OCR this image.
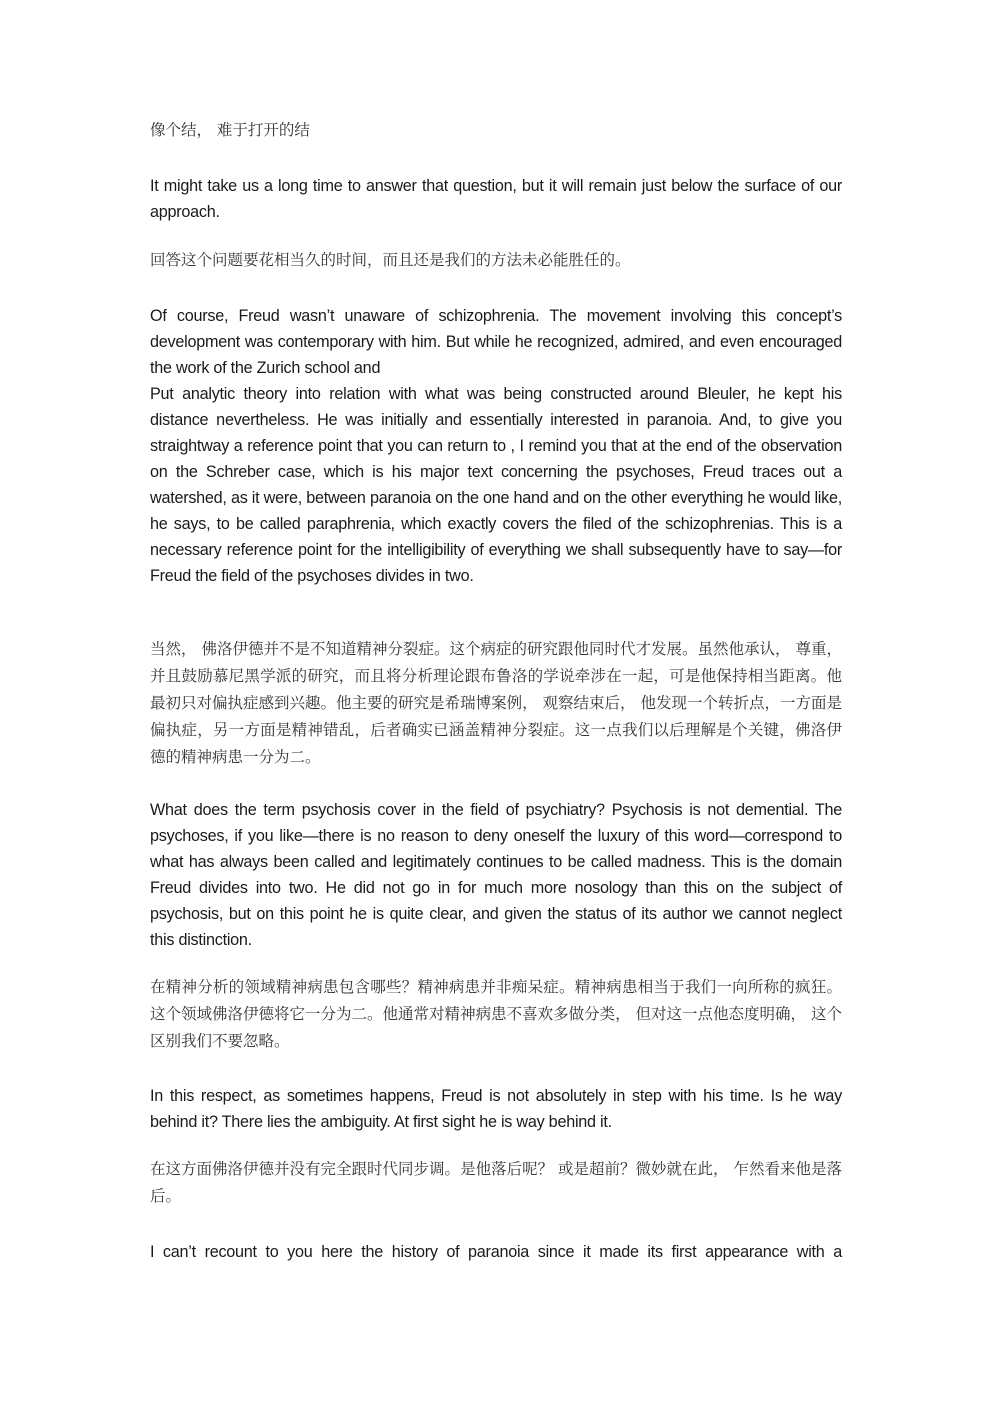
像个结， 难于打开的结

It might take us a long time to answer that question, but it will remain just below the surface of our approach.

回答这个问题要花相当久的时间，而且还是我们的方法未必能胜任的。

Of course, Freud wasn’t unaware of schizophrenia. The movement involving this concept’s development was contemporary with him. But while he recognized, admired, and even encouraged the work of the Zurich school and
Put analytic theory into relation with what was being constructed around Bleuler, he kept his distance nevertheless. He was initially and essentially interested in paranoia. And, to give you straightway a reference point that you can return to , I remind you that at the end of the observation on the Schreber case, which is his major text concerning the psychoses, Freud traces out a watershed, as it were, between paranoia on the one hand and on the other everything he would like, he says, to be called paraphrenia, which exactly covers the filed of the schizophrenias. This is a necessary reference point for the intelligibility of everything we shall subsequently have to say—for Freud the field of the psychoses divides in two.

当然， 佛洛伊德并不是不知道精神分裂症。这个病症的研究跟他同时代才发展。虽然他承认， 尊重， 并且鼓励慕尼黑学派的研究，而且将分析理论跟布鲁洛的学说牵涉在一起，可是他保持相当距离。他最初只对偏执症感到兴趣。他主要的研究是希瑞博案例， 观察结束后， 他发现一个转折点，一方面是偏执症，另一方面是精神错乱，后者确实已涵盖精神分裂症。这一点我们以后理解是个关键，佛洛伊德的精神病患一分为二。

What does the term psychosis cover in the field of psychiatry? Psychosis is not demential. The psychoses, if you like—there is no reason to deny oneself the luxury of this word—correspond to what has always been called and legitimately continues to be called madness. This is the domain Freud divides into two. He did not go in for much more nosology than this on the subject of psychosis, but on this point he is quite clear, and given the status of its author we cannot neglect this distinction.

在精神分析的领域精神病患包含哪些？精神病患并非痴呆症。精神病患相当于我们一向所称的疯狂。这个领域佛洛伊德将它一分为二。他通常对精神病患不喜欢多做分类， 但对这一点他态度明确， 这个区别我们不要忽略。

In this respect, as sometimes happens, Freud is not absolutely in step with his time. Is he way behind it? There lies the ambiguity. At first sight he is way behind it.

在这方面佛洛伊德并没有完全跟时代同步调。是他落后呢？ 或是超前？微妙就在此， 乍然看来他是落后。

I can’t recount to you here the history of paranoia since it made its first appearance with a
